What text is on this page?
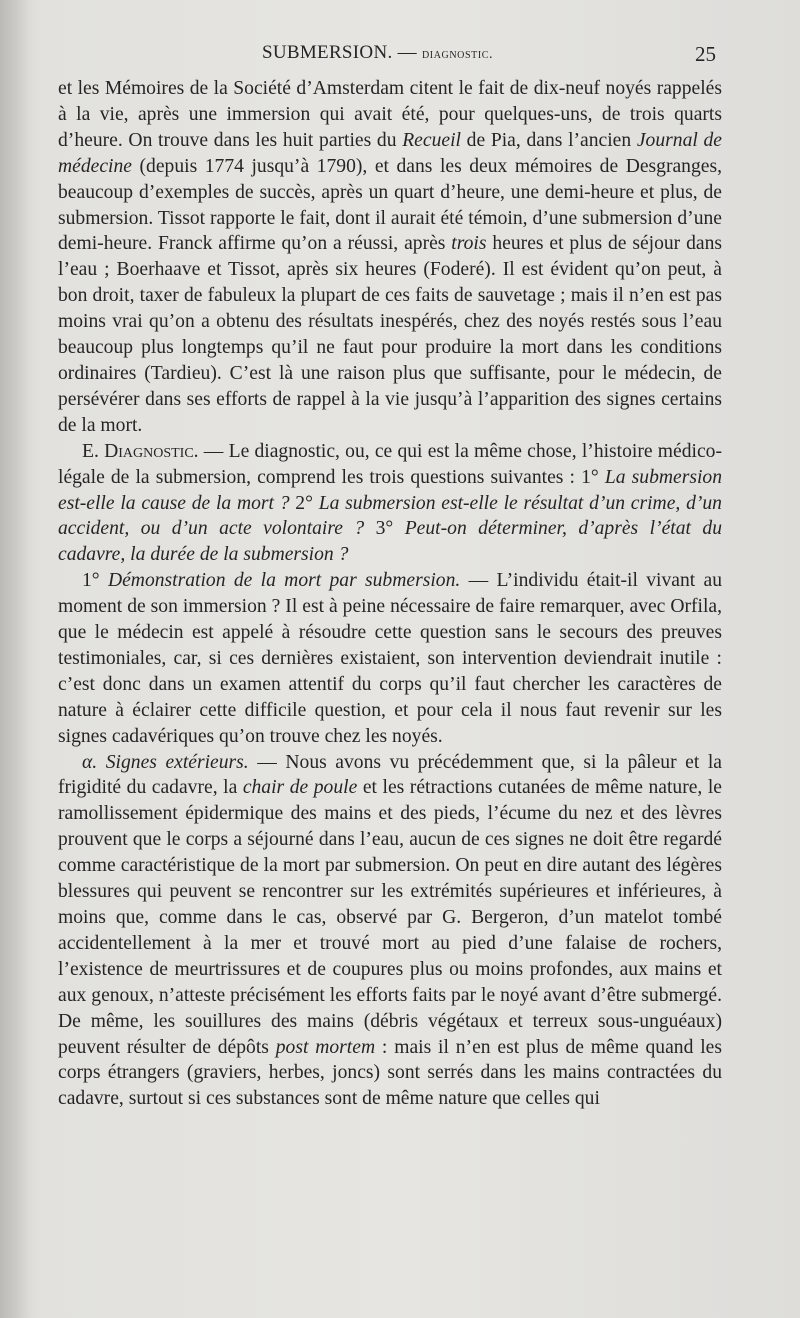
SUBMERSION. — diagnostic.	25

et les Mémoires de la Société d’Amsterdam citent le fait de dix-neuf noyés rappelés à la vie, après une immersion qui avait été, pour quelques-uns, de trois quarts d’heure. On trouve dans les huit parties du Recueil de Pia, dans l’ancien Journal de médecine (depuis 1774 jusqu’à 1790), et dans les deux mémoires de Desgranges, beaucoup d’exemples de succès, après un quart d’heure, une demi-heure et plus, de submersion. Tissot rapporte le fait, dont il aurait été témoin, d’une submersion d’une demi-heure. Franck affirme qu’on a réussi, après trois heures et plus de séjour dans l’eau ; Boerhaave et Tissot, après six heures (Foderé). Il est évident qu’on peut, à bon droit, taxer de fabuleux la plupart de ces faits de sauvetage ; mais il n’en est pas moins vrai qu’on a obtenu des résultats inespérés, chez des noyés restés sous l’eau beaucoup plus longtemps qu’il ne faut pour produire la mort dans les conditions ordinaires (Tardieu). C’est là une raison plus que suffisante, pour le médecin, de persévérer dans ses efforts de rappel à la vie jusqu’à l’apparition des signes certains de la mort.

E. Diagnostic. — Le diagnostic, ou, ce qui est la même chose, l’histoire médico-légale de la submersion, comprend les trois questions suivantes : 1° La submersion est-elle la cause de la mort ? 2° La submersion est-elle le résultat d’un crime, d’un accident, ou d’un acte volontaire ? 3° Peut-on déterminer, d’après l’état du cadavre, la durée de la submersion ?

1° Démonstration de la mort par submersion. — L’individu était-il vivant au moment de son immersion ? Il est à peine nécessaire de faire remarquer, avec Orfila, que le médecin est appelé à résoudre cette question sans le secours des preuves testimoniales, car, si ces dernières existaient, son intervention deviendrait inutile : c’est donc dans un examen attentif du corps qu’il faut chercher les caractères de nature à éclairer cette difficile question, et pour cela il nous faut revenir sur les signes cadavériques qu’on trouve chez les noyés.

α. Signes extérieurs. — Nous avons vu précédemment que, si la pâleur et la frigidité du cadavre, la chair de poule et les rétractions cutanées de même nature, le ramollissement épidermique des mains et des pieds, l’écume du nez et des lèvres prouvent que le corps a séjourné dans l’eau, aucun de ces signes ne doit être regardé comme caractéristique de la mort par submersion. On peut en dire autant des légères blessures qui peuvent se rencontrer sur les extrémités supérieures et inférieures, à moins que, comme dans le cas, observé par G. Bergeron, d’un matelot tombé accidentellement à la mer et trouvé mort au pied d’une falaise de rochers, l’existence de meurtrissures et de coupures plus ou moins profondes, aux mains et aux genoux, n’atteste précisément les efforts faits par le noyé avant d’être submergé. De même, les souillures des mains (débris végétaux et terreux sous-unguéaux) peuvent résulter de dépôts post mortem : mais il n’en est plus de même quand les corps étrangers (graviers, herbes, joncs) sont serrés dans les mains contractées du cadavre, surtout si ces substances sont de même nature que celles qui
